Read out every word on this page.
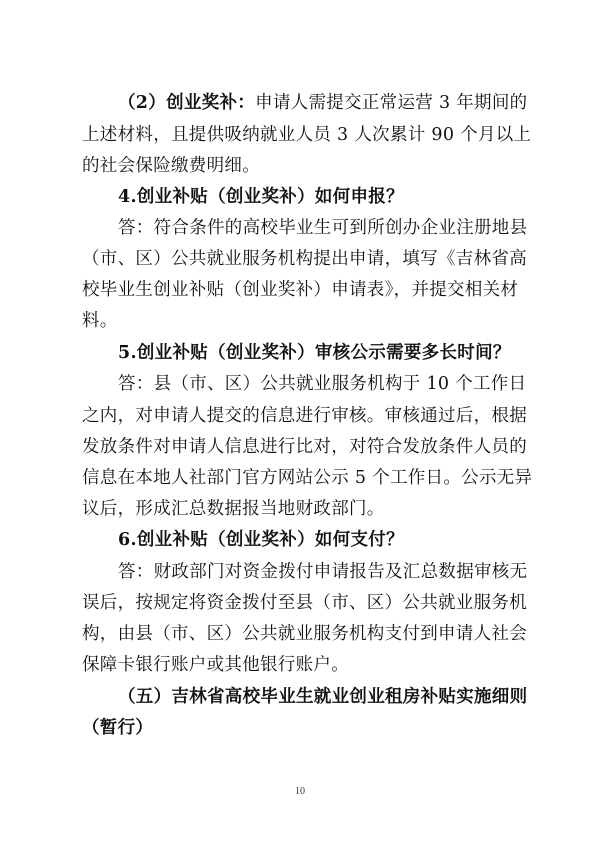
（2）创业奖补：申请人需提交正常运营 3 年期间的
上述材料，且提供吸纳就业人员 3 人次累计 90 个月以上
的社会保险缴费明细。
4.创业补贴（创业奖补）如何申报？
答：符合条件的高校毕业生可到所创办企业注册地县
（市、区）公共就业服务机构提出申请，填写《吉林省高
校毕业生创业补贴（创业奖补）申请表》，并提交相关材
料。
5.创业补贴（创业奖补）审核公示需要多长时间？
答：县（市、区）公共就业服务机构于 10 个工作日
之内，对申请人提交的信息进行审核。审核通过后，根据
发放条件对申请人信息进行比对，对符合发放条件人员的
信息在本地人社部门官方网站公示 5 个工作日。公示无异
议后，形成汇总数据报当地财政部门。
6.创业补贴（创业奖补）如何支付？
答：财政部门对资金拨付申请报告及汇总数据审核无
误后，按规定将资金拨付至县（市、区）公共就业服务机
构，由县（市、区）公共就业服务机构支付到申请人社会
保障卡银行账户或其他银行账户。
（五）吉林省高校毕业生就业创业租房补贴实施细则
（暂行）
10
